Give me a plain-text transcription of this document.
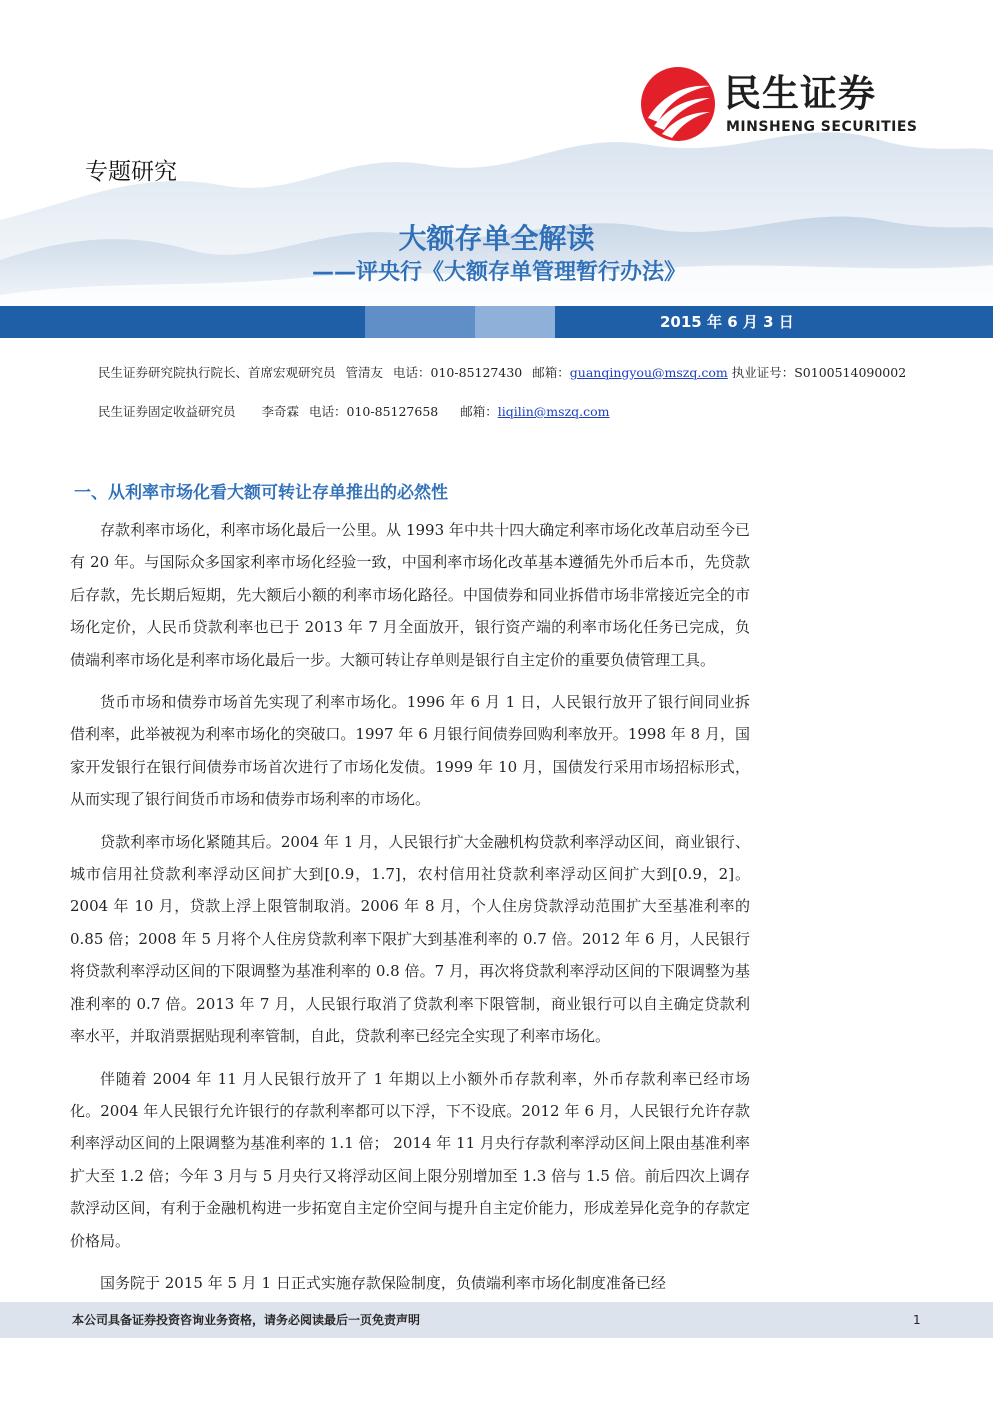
民生证券
MINSHENG SECURITIES
专题研究
大额存单全解读
——评央行《大额存单管理暂行办法》
2015 年 6 月 3 日
民生证券研究院执行院长、首席宏观研究员 管清友 电话：010-85127430 邮箱：guanqingyou@mszq.com 执业证号：S0100514090002
民生证券固定收益研究员 李奇霖 电话：010-85127658 邮箱：liqilin@mszq.com
一、从利率市场化看大额可转让存单推出的必然性

存款利率市场化，利率市场化最后一公里。从 1993 年中共十四大确定利率市场化改革启动至今已有 20 年。与国际众多国家利率市场化经验一致，中国利率市场化改革基本遵循先外币后本币，先贷款后存款，先长期后短期，先大额后小额的利率市场化路径。中国债券和同业拆借市场非常接近完全的市场化定价，人民币贷款利率也已于 2013 年 7 月全面放开，银行资产端的利率市场化任务已完成，负债端利率市场化是利率市场化最后一步。大额可转让存单则是银行自主定价的重要负债管理工具。

货币市场和债券市场首先实现了利率市场化。1996 年 6 月 1 日，人民银行放开了银行间同业拆借利率，此举被视为利率市场化的突破口。1997 年 6 月银行间债券回购利率放开。1998 年 8 月，国家开发银行在银行间债券市场首次进行了市场化发债。1999 年 10 月，国债发行采用市场招标形式，从而实现了银行间货币市场和债券市场利率的市场化。

贷款利率市场化紧随其后。2004 年 1 月，人民银行扩大金融机构贷款利率浮动区间，商业银行、城市信用社贷款利率浮动区间扩大到[0.9，1.7]，农村信用社贷款利率浮动区间扩大到[0.9，2]。2004 年 10 月，贷款上浮上限管制取消。2006 年 8 月，个人住房贷款浮动范围扩大至基准利率的 0.85 倍；2008 年 5 月将个人住房贷款利率下限扩大到基准利率的 0.7 倍。2012 年 6 月，人民银行将贷款利率浮动区间的下限调整为基准利率的 0.8 倍。7 月，再次将贷款利率浮动区间的下限调整为基准利率的 0.7 倍。2013 年 7 月，人民银行取消了贷款利率下限管制，商业银行可以自主确定贷款利率水平，并取消票据贴现利率管制，自此，贷款利率已经完全实现了利率市场化。

伴随着 2004 年 11 月人民银行放开了 1 年期以上小额外币存款利率，外币存款利率已经市场化。2004 年人民银行允许银行的存款利率都可以下浮，下不设底。2012 年 6 月，人民银行允许存款利率浮动区间的上限调整为基准利率的 1.1 倍； 2014 年 11 月央行存款利率浮动区间上限由基准利率扩大至 1.2 倍；今年 3 月与 5 月央行又将浮动区间上限分别增加至 1.3 倍与 1.5 倍。前后四次上调存款浮动区间，有利于金融机构进一步拓宽自主定价空间与提升自主定价能力，形成差异化竞争的存款定价格局。

国务院于 2015 年 5 月 1 日正式实施存款保险制度，负债端利率市场化制度准备已经

本公司具备证券投资咨询业务资格，请务必阅读最后一页免责声明	1
